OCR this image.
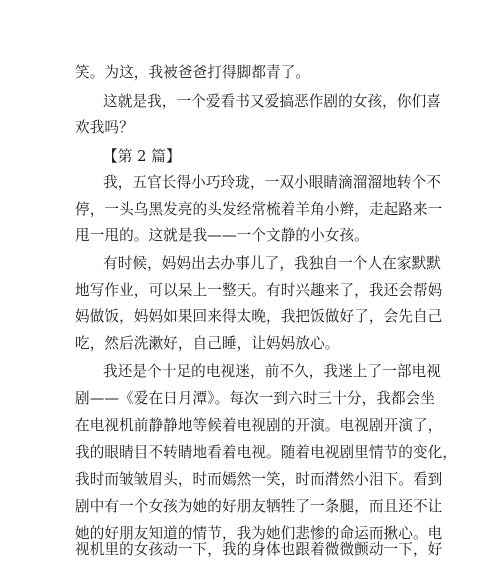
笑。为这，我被爸爸打得脚都青了。
这就是我，一个爱看书又爱搞恶作剧的女孩，你们喜
欢我吗？
【第 2 篇】
我，五官长得小巧玲珑，一双小眼睛滴溜溜地转个不
停，一头乌黑发亮的头发经常梳着羊角小辫，走起路来一
甩一甩的。这就是我——一个文静的小女孩。
有时候，妈妈出去办事儿了，我独自一个人在家默默
地写作业，可以呆上一整天。有时兴趣来了，我还会帮妈
妈做饭，妈妈如果回来得太晚，我把饭做好了，会先自己
吃，然后洗漱好，自己睡，让妈妈放心。
我还是个十足的电视迷，前不久，我迷上了一部电视
剧——《爱在日月潭》。每次一到六时三十分，我都会坐
在电视机前静静地等候着电视剧的开演。电视剧开演了，
我的眼睛目不转睛地看着电视。随着电视剧里情节的变化，
我时而皱皱眉头，时而嫣然一笑，时而潸然小泪下。看到
剧中有一个女孩为她的好朋友牺牲了一条腿，而且还不让
她的好朋友知道的情节，我为她们悲惨的命运而揪心。电
视机里的女孩动一下，我的身体也跟着微微颤动一下，好
